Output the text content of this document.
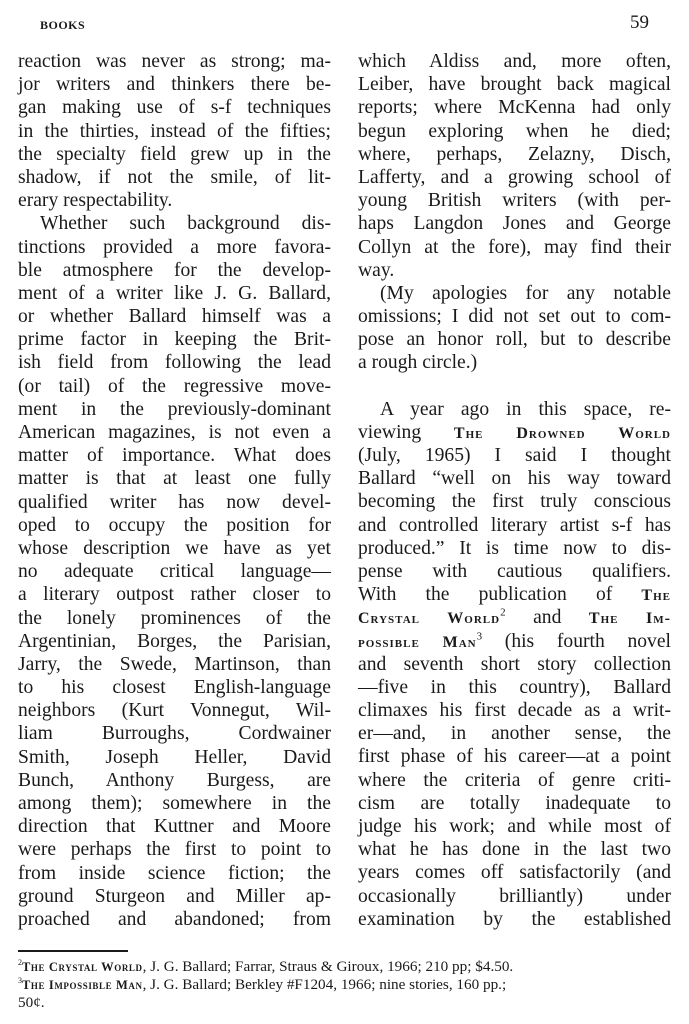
BOOKS	59
reaction was never as strong; ma-
jor writers and thinkers there be-
gan making use of s-f techniques
in the thirties, instead of the fifties;
the specialty field grew up in the
shadow, if not the smile, of lit-
erary respectability.
Whether such background dis-
tinctions provided a more favora-
ble atmosphere for the develop-
ment of a writer like J. G. Ballard,
or whether Ballard himself was a
prime factor in keeping the Brit-
ish field from following the lead
(or tail) of the regressive move-
ment in the previously-dominant
American magazines, is not even a
matter of importance. What does
matter is that at least one fully
qualified writer has now devel-
oped to occupy the position for
whose description we have as yet
no adequate critical language—
a literary outpost rather closer to
the lonely prominences of the
Argentinian, Borges, the Parisian,
Jarry, the Swede, Martinson, than
to his closest English-language
neighbors (Kurt Vonnegut, Wil-
liam Burroughs, Cordwainer
Smith, Joseph Heller, David
Bunch, Anthony Burgess, are
among them); somewhere in the
direction that Kuttner and Moore
were perhaps the first to point to
from inside science fiction; the
ground Sturgeon and Miller ap-
proached and abandoned; from
which Aldiss and, more often,
Leiber, have brought back magical
reports; where McKenna had only
begun exploring when he died;
where, perhaps, Zelazny, Disch,
Lafferty, and a growing school of
young British writers (with per-
haps Langdon Jones and George
Collyn at the fore), may find their
way.
(My apologies for any notable
omissions; I did not set out to com-
pose an honor roll, but to describe
a rough circle.)
A year ago in this space, re-
viewing The Drowned World
(July, 1965) I said I thought
Ballard “well on his way toward
becoming the first truly conscious
and controlled literary artist s-f has
produced.” It is time now to dis-
pense with cautious qualifiers.
With the publication of The
Crystal World$^2$ and The Im-
possible Man$^3$ (his fourth novel
and seventh short story collection
—five in this country), Ballard
climaxes his first decade as a writ-
er—and, in another sense, the
first phase of his career—at a point
where the criteria of genre criti-
cism are totally inadequate to
judge his work; and while most of
what he has done in the last two
years comes off satisfactorily (and
occasionally brilliantly) under
examination by the established
$^2$The Crystal World, J. G. Ballard; Farrar, Straus & Giroux, 1966; 210 pp; $4.50.
$^3$The Impossible Man, J. G. Ballard; Berkley #F1204, 1966; nine stories, 160 pp.;
50¢.
